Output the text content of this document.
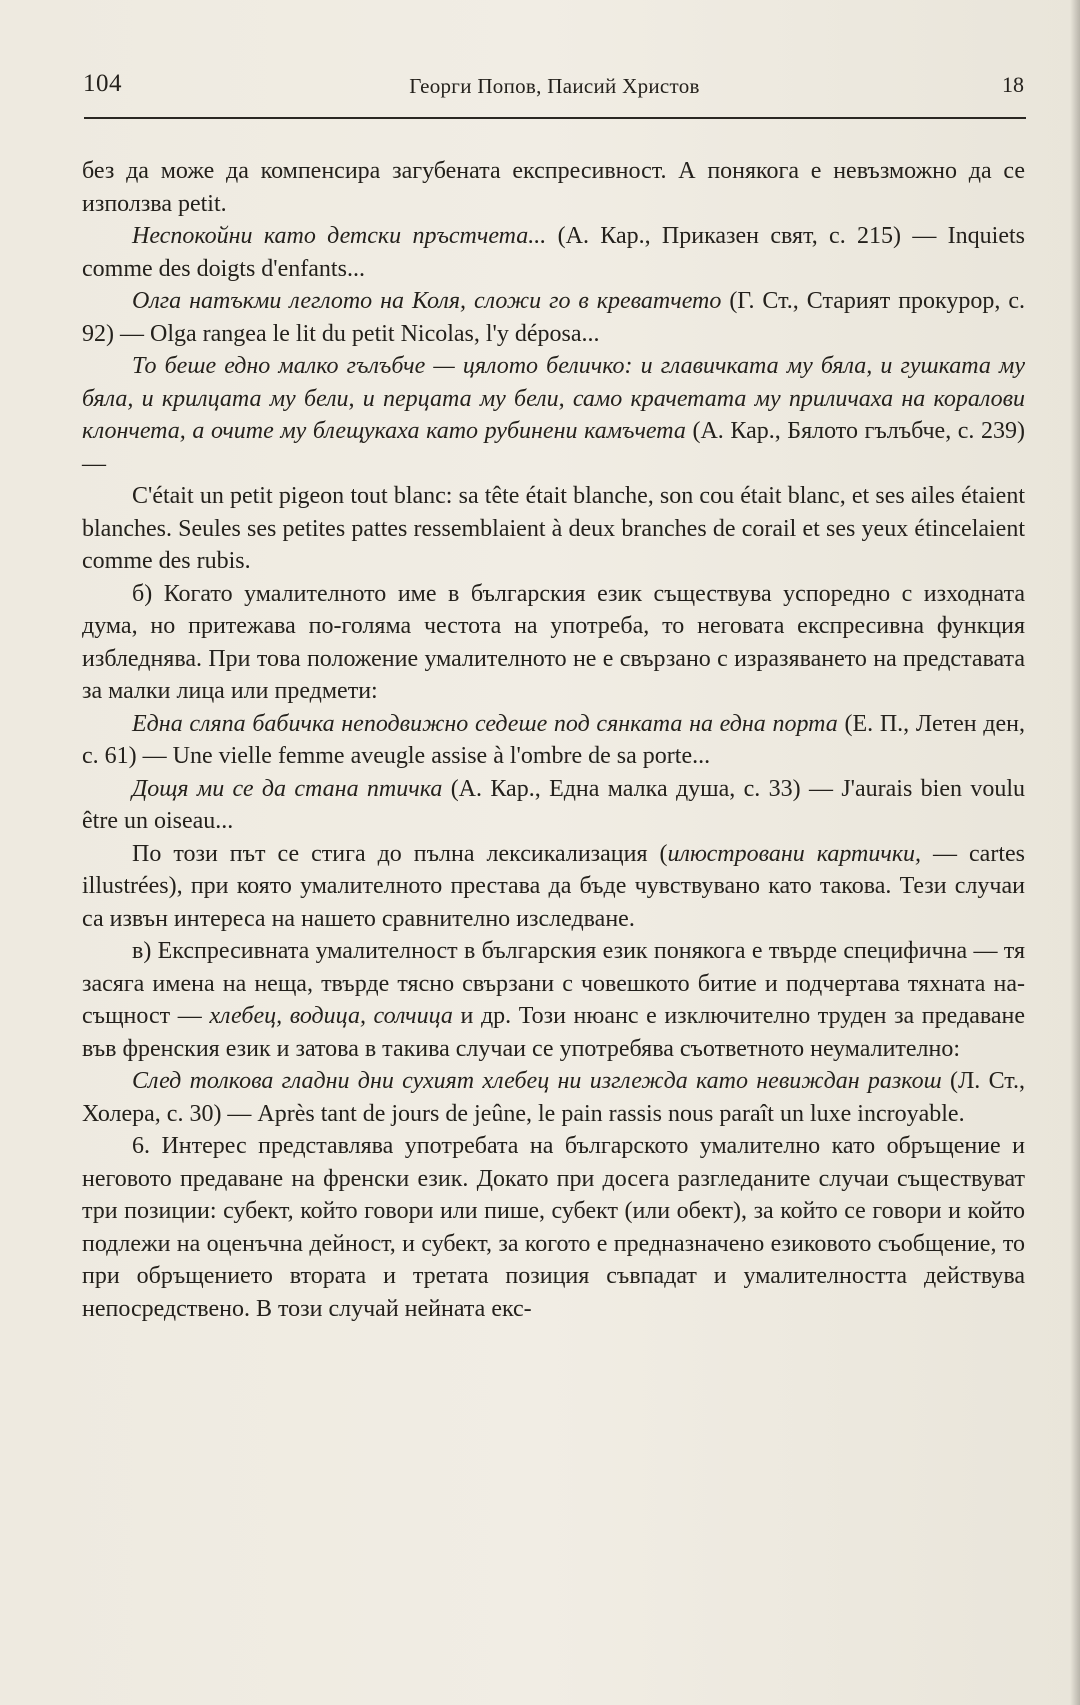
104	Георги Попов, Паисий Христов	18

без да може да компенсира загубената експресивност. А понякога е невъзможно да се използва petit.

Неспокойни като детски пръстчета... (А. Кар., Приказен свят, с. 215) — Inquiets comme des doigts d'enfants...

Олга натъкми леглото на Коля, сложи го в креватчето (Г. Ст., Старият прокурор, с. 92) — Olga rangea le lit du petit Nicolas, l'y déposa...

То беше едно малко гълъбче — цялото беличко: и главичката му бяла, и гушката му бяла, и крилцата му бели, и перцата му бели, само крачетата му приличаха на коралови клончета, а очите му блещукаха като рубинени камъчета (А. Кар., Бялото гълъбче, с. 239) —

C'était un petit pigeon tout blanc: sa tête était blanche, son cou était blanc, et ses ailes étaient blanches. Seules ses petites pattes ressemblaient à deux branches de corail et ses yeux étincelaient comme des rubis.

б) Когато умалителното име в българския език съществува успоредно с изходната дума, но притежава по-голяма честота на употреба, то неговата експресивна функция избледнява. При това положение умалителното не е свързано с изразяването на представата за малки лица или предмети:

Една сляпа бабичка неподвижно седеше под сянката на една порта (Е. П., Летен ден, с. 61) — Une vielle femme aveugle assise à l'ombre de sa porte...

Дощя ми се да стана птичка (А. Кар., Една малка душа, с. 33) — J'aurais bien voulu être un oiseau...

По този път се стига до пълна лексикализация (илюстровани картички, — cartes illustrées), при която умалителното престава да бъде чувствувано като такова. Тези случаи са извън интереса на нашето сравнително изследване.

в) Експресивната умалителност в българския език понякога е твърде специфична — тя засяга имена на неща, твърде тясно свързани с човешкото битие и подчертава тяхната насъщност — хлебец, водица, солчица и др. Този нюанс е изключително труден за предаване във френския език и затова в такива случаи се употребява съответното неумалително:

След толкова гладни дни сухият хлебец ни изглежда като невиждан разкош (Л. Ст., Холера, с. 30) — Après tant de jours de jeûne, le pain rassis nous paraît un luxe incroyable.

6. Интерес представлява употребата на българското умалително като обръщение и неговото предаване на френски език. Докато при досега разгледаните случаи съществуват три позиции: субект, който говори или пише, субект (или обект), за който се говори и който подлежи на оценъчна дейност, и субект, за когото е предназначено езиковото съобщение, то при обръщението втората и третата позиция съвпадат и умалителността действува непосредствено. В този случай нейната екс-
